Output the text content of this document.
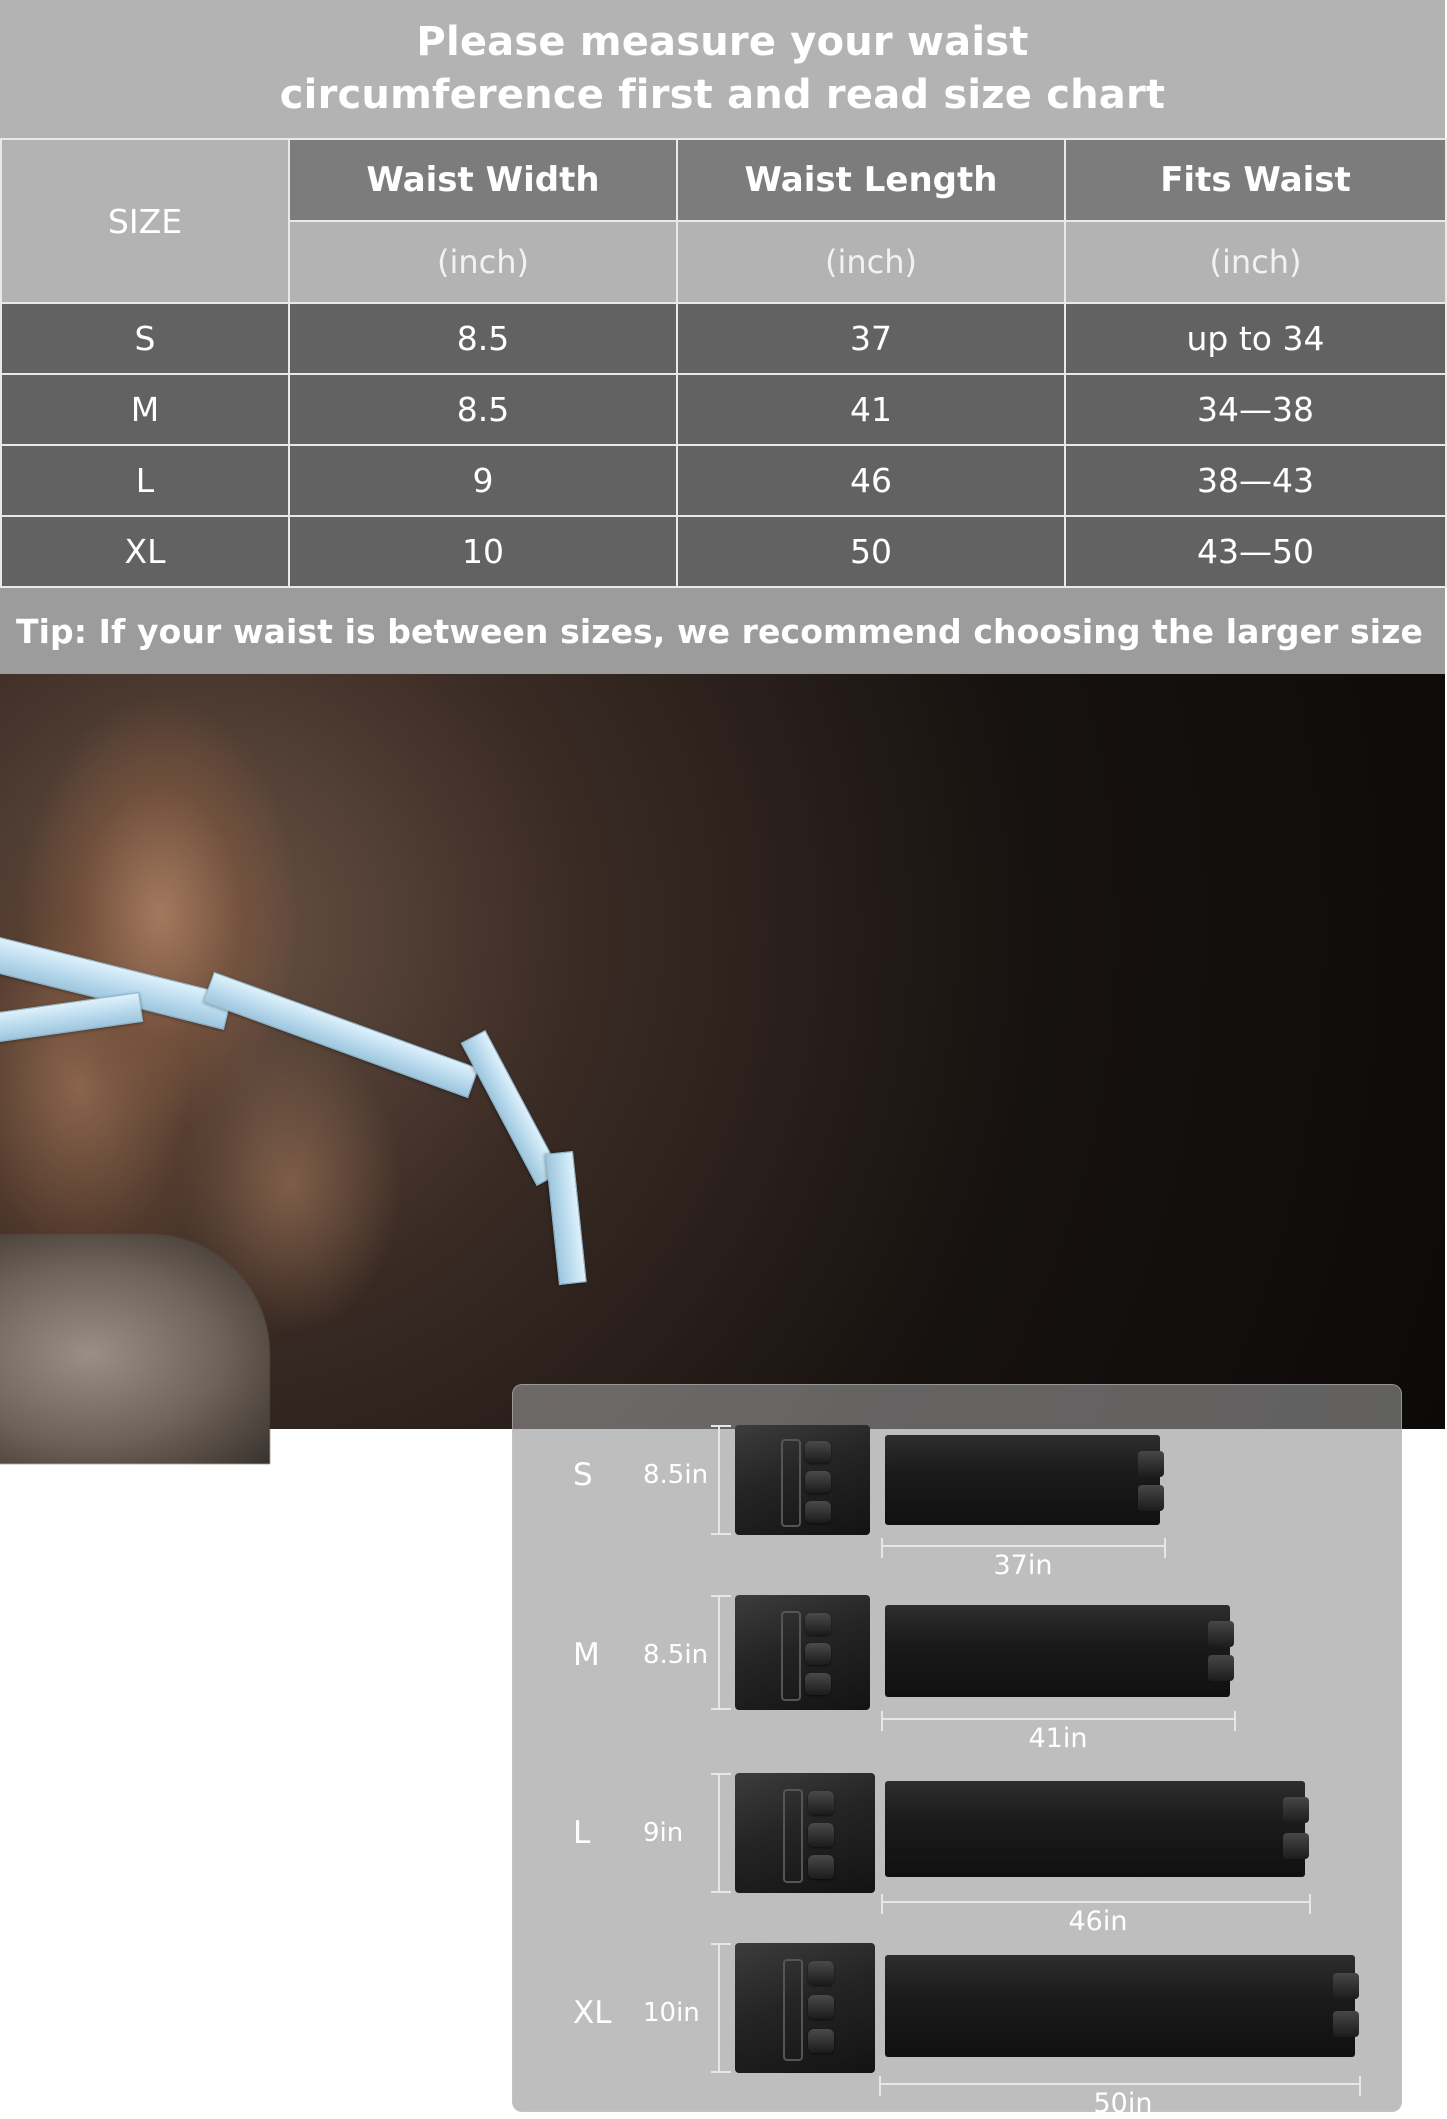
Please measure your waist
circumference first and read size chart
SIZE	Waist Width	Waist Length	Fits Waist
	(inch)	(inch)	(inch)
S	8.5	37	up to 34
M	8.5	41	34—38
L	9	46	38—43
XL	10	50	43—50
Tip: If your waist is between sizes, we recommend choosing the larger size
S 8.5in
37in
M 8.5in
41in
L 9in
46in
XL 10in
50in
